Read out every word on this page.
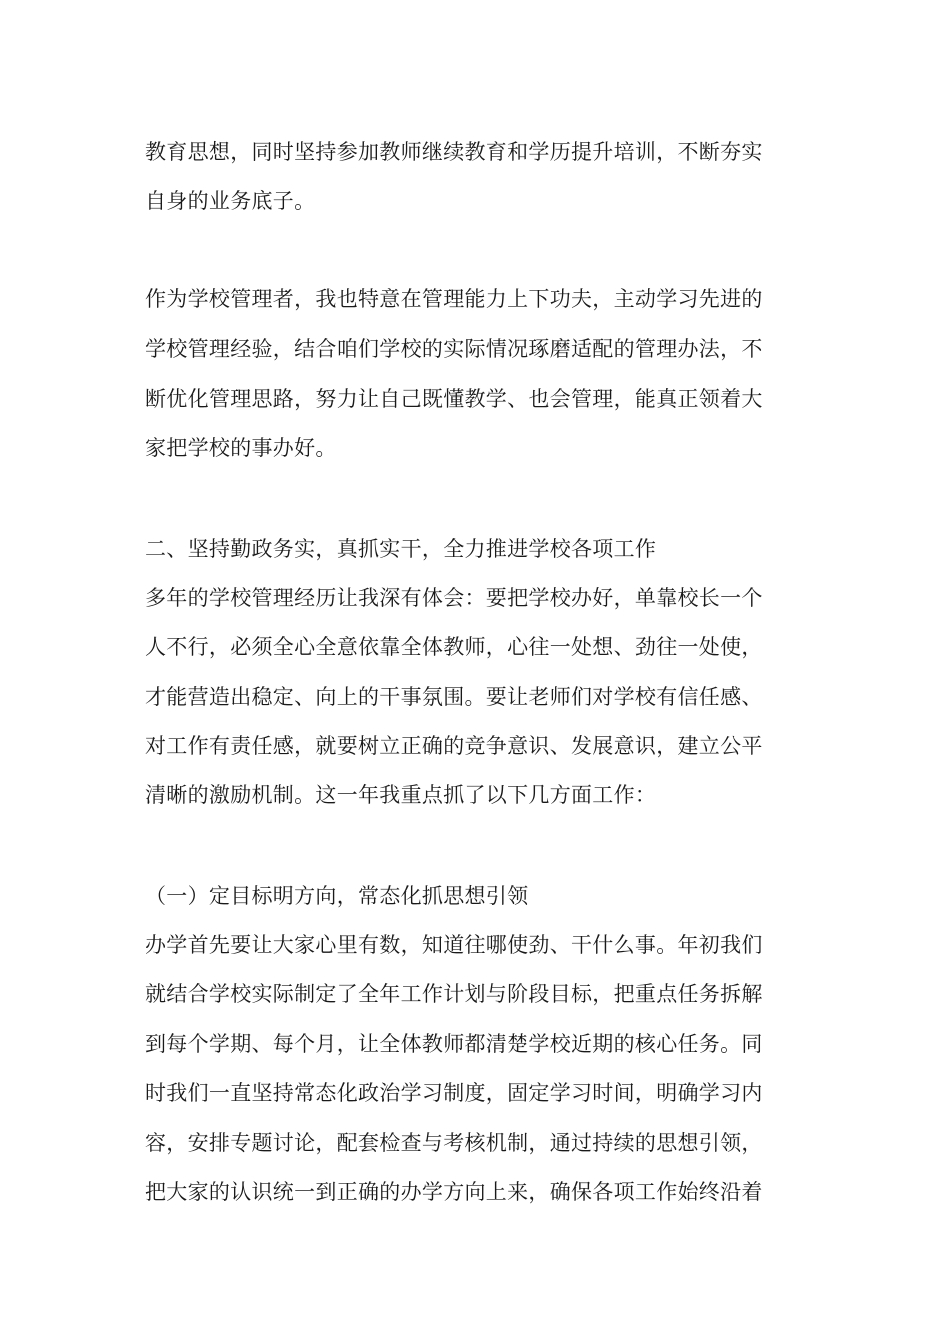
教育思想，同时坚持参加教师继续教育和学历提升培训，不断夯实
自身的业务底子。
作为学校管理者，我也特意在管理能力上下功夫，主动学习先进的
学校管理经验，结合咱们学校的实际情况琢磨适配的管理办法，不
断优化管理思路，努力让自己既懂教学、也会管理，能真正领着大
家把学校的事办好。
二、坚持勤政务实，真抓实干，全力推进学校各项工作
多年的学校管理经历让我深有体会：要把学校办好，单靠校长一个
人不行，必须全心全意依靠全体教师，心往一处想、劲往一处使，
才能营造出稳定、向上的干事氛围。要让老师们对学校有信任感、
对工作有责任感，就要树立正确的竞争意识、发展意识，建立公平
清晰的激励机制。这一年我重点抓了以下几方面工作：
（一）定目标明方向，常态化抓思想引领
办学首先要让大家心里有数，知道往哪使劲、干什么事。年初我们
就结合学校实际制定了全年工作计划与阶段目标，把重点任务拆解
到每个学期、每个月，让全体教师都清楚学校近期的核心任务。同
时我们一直坚持常态化政治学习制度，固定学习时间，明确学习内
容，安排专题讨论，配套检查与考核机制，通过持续的思想引领，
把大家的认识统一到正确的办学方向上来，确保各项工作始终沿着
